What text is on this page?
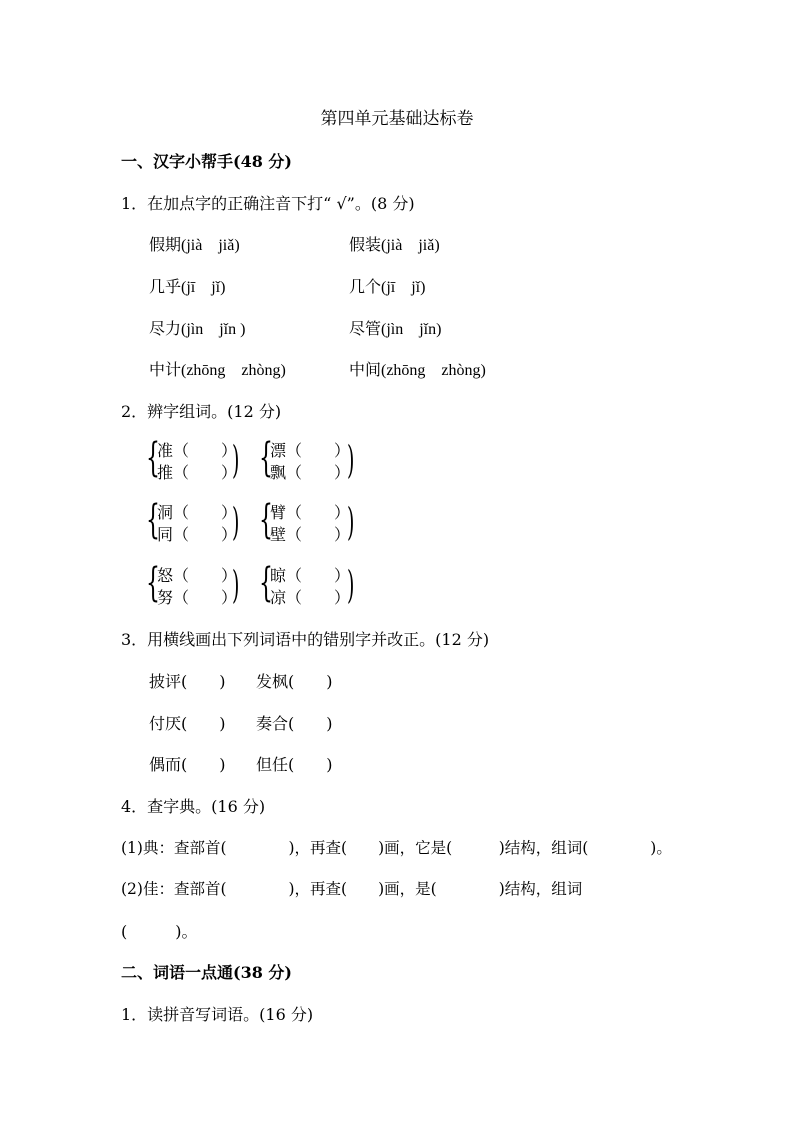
第四单元基础达标卷
一、汉字小帮手(48 分)
1．在加点字的正确注音下打“ √”。(8 分)
假期(jià　jiǎ)	假装(jià　jiǎ)
几乎(jī　jǐ)	几个(jī　jǐ)
尽力(jìn　jǐn )	尽管(jìn　jǐn)
中计(zhōng　zhòng)	中间(zhōng　zhòng)
2．辨字组词。(12 分)
{
准（　　）
推（　　）
) {
漂（　　）
飘（　　）
)
{
洞（　　）
同（　　）
) {
臂（　　）
壁（　　）
)
{
怒（　　）
努（　　）
) {
晾（　　）
凉（　　）
)
3．用横线画出下列词语中的错别字并改正。(12 分)
披评(　　) 发枫(　　)
付厌(　　) 奏合(　　)
偶而(　　) 但任(　　)
4．查字典。(16 分)
(1)典：查部首(　　　　)，再查(　　)画，它是(　　　)结构，组词(　　　　)。
(2)佳：查部首(　　　　)，再查(　　)画，是(　　　　)结构，组词
(　　　)。
二、词语一点通(38 分)
1．读拼音写词语。(16 分)
